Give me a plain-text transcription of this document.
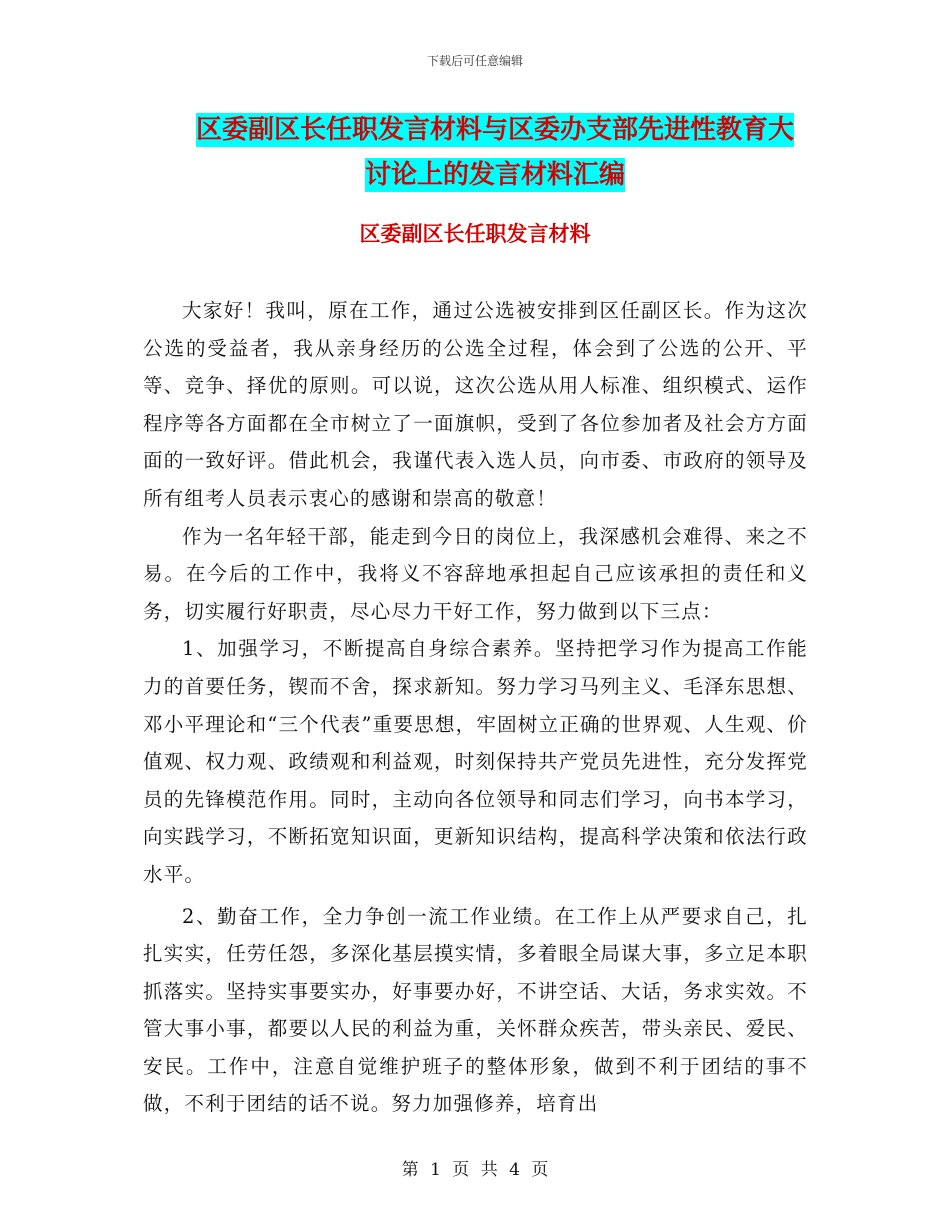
下载后可任意编辑
区委副区长任职发言材料与区委办支部先进性教育大
讨论上的发言材料汇编
区委副区长任职发言材料

大家好！我叫，原在工作，通过公选被安排到区任副区长。作为这次公选的受益者，我从亲身经历的公选全过程，体会到了公选的公开、平等、竞争、择优的原则。可以说，这次公选从用人标准、组织模式、运作程序等各方面都在全市树立了一面旗帜，受到了各位参加者及社会方方面面的一致好评。借此机会，我谨代表入选人员，向市委、市政府的领导及所有组考人员表示衷心的感谢和崇高的敬意！

作为一名年轻干部，能走到今日的岗位上，我深感机会难得、来之不易。在今后的工作中，我将义不容辞地承担起自己应该承担的责任和义务，切实履行好职责，尽心尽力干好工作，努力做到以下三点：

1、加强学习，不断提高自身综合素养。坚持把学习作为提高工作能力的首要任务，锲而不舍，探求新知。努力学习马列主义、毛泽东思想、邓小平理论和“三个代表”重要思想，牢固树立正确的世界观、人生观、价值观、权力观、政绩观和利益观，时刻保持共产党员先进性，充分发挥党员的先锋模范作用。同时，主动向各位领导和同志们学习，向书本学习，向实践学习，不断拓宽知识面，更新知识结构，提高科学决策和依法行政水平。

2、勤奋工作，全力争创一流工作业绩。在工作上从严要求自己，扎扎实实，任劳任怨，多深化基层摸实情，多着眼全局谋大事，多立足本职抓落实。坚持实事要实办，好事要办好，不讲空话、大话，务求实效。不管大事小事，都要以人民的利益为重，关怀群众疾苦，带头亲民、爱民、安民。工作中，注意自觉维护班子的整体形象，做到不利于团结的事不做，不利于团结的话不说。努力加强修养，培育出

第 1 页 共 4 页
